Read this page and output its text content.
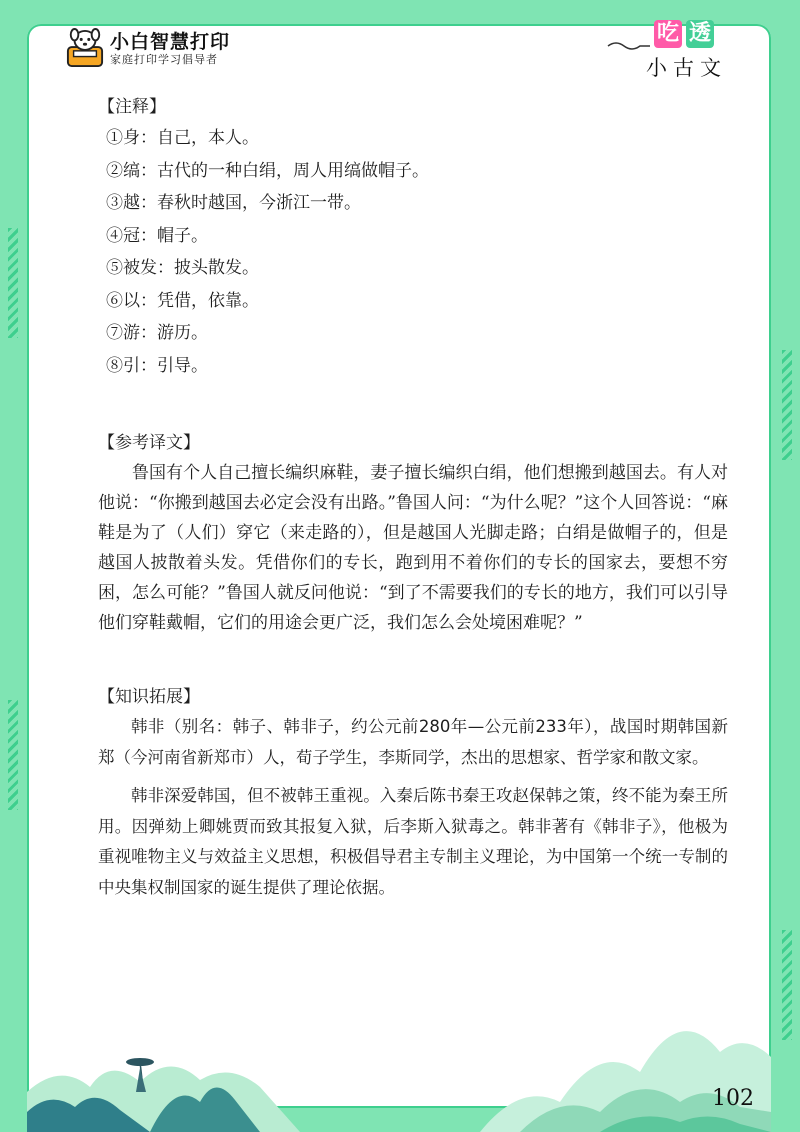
小白智慧打印
家庭打印学习倡导者
吃 透
小古文

【注释】

①身：自己，本人。

②缟：古代的一种白绢，周人用缟做帽子。

③越：春秋时越国，今浙江一带。

④冠：帽子。

⑤被发：披头散发。

⑥以：凭借，依靠。

⑦游：游历。

⑧引：引导。

【参考译文】

鲁国有个人自己擅长编织麻鞋，妻子擅长编织白绢，他们想搬到越国去。有人对他说：“你搬到越国去必定会没有出路。”鲁国人问：“为什么呢？”这个人回答说：“麻鞋是为了（人们）穿它（来走路的），但是越国人光脚走路；白绢是做帽子的，但是越国人披散着头发。凭借你们的专长，跑到用不着你们的专长的国家去，要想不穷困，怎么可能？”鲁国人就反问他说：“到了不需要我们的专长的地方，我们可以引导他们穿鞋戴帽，它们的用途会更广泛，我们怎么会处境困难呢？”

【知识拓展】

韩非（别名：韩子、韩非子，约公元前280年—公元前233年），战国时期韩国新郑（今河南省新郑市）人，荀子学生，李斯同学，杰出的思想家、哲学家和散文家。

韩非深爱韩国，但不被韩王重视。入秦后陈书秦王攻赵保韩之策，终不能为秦王所用。因弹劾上卿姚贾而致其报复入狱，后李斯入狱毒之。韩非著有《韩非子》，他极为重视唯物主义与效益主义思想，积极倡导君主专制主义理论，为中国第一个统一专制的中央集权制国家的诞生提供了理论依据。

102
